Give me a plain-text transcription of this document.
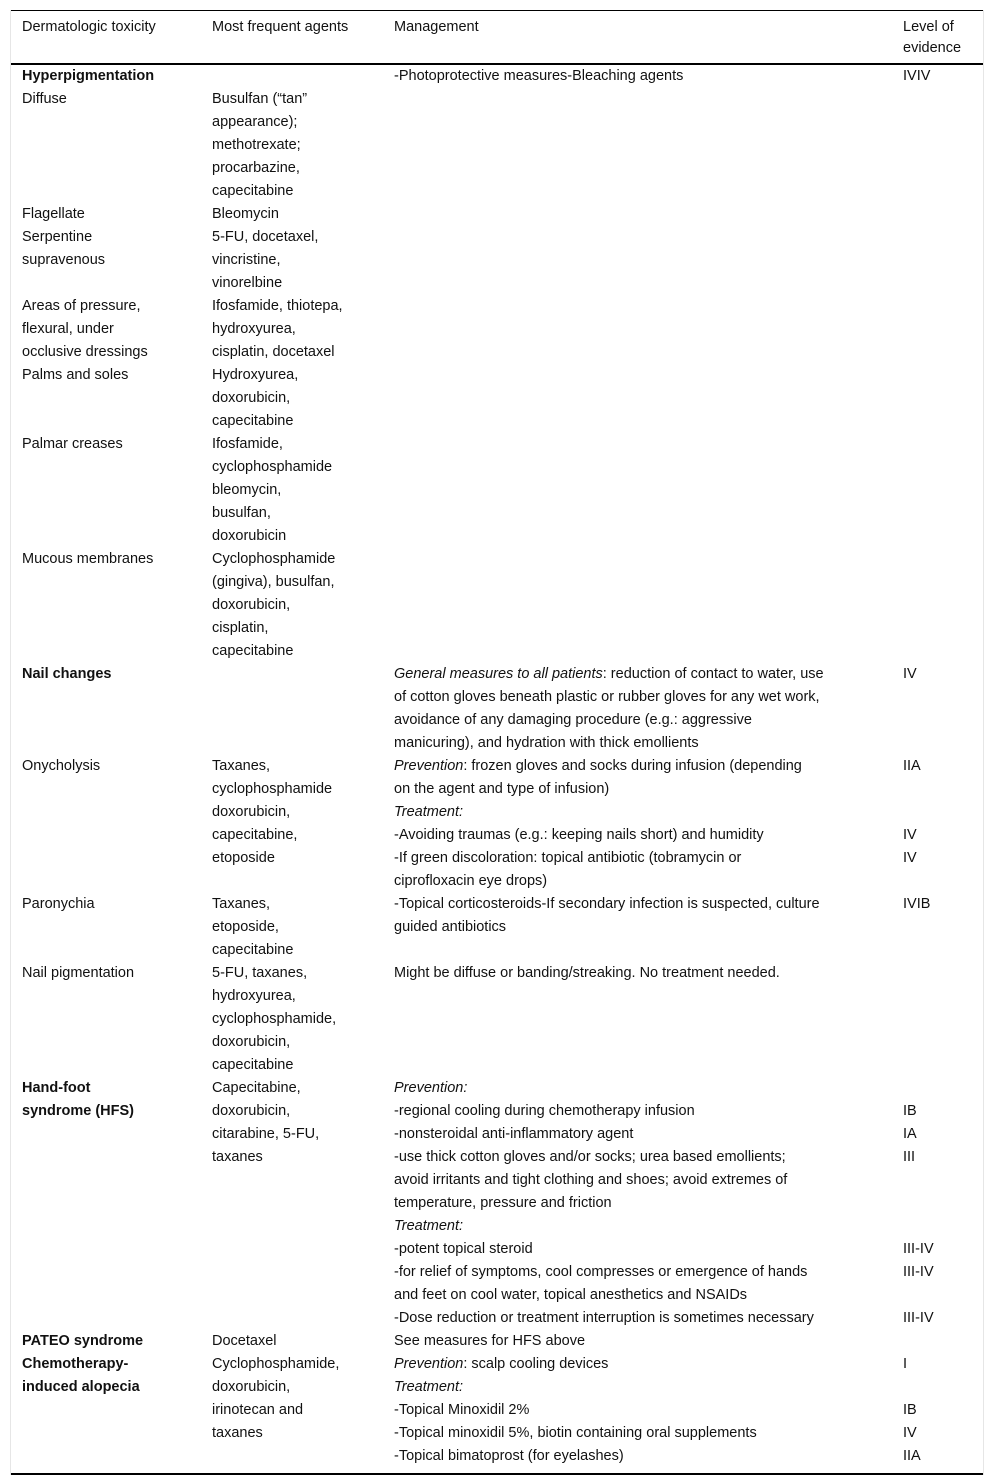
Dermatologic toxicity	Most frequent agents	Management	Level of evidence
Hyperpigmentation		-Photoprotective measures-Bleaching agents	IVIV
Diffuse	Busulfan (“tan”
appearance);
methotrexate;
procarbazine,
capecitabine		
Flagellate	Bleomycin		
Serpentine
supravenous	5-FU, docetaxel,
vincristine,
vinorelbine		
Areas of pressure,
flexural, under
occlusive dressings	Ifosfamide, thiotepa,
hydroxyurea,
cisplatin, docetaxel		
Palms and soles	Hydroxyurea,
doxorubicin,
capecitabine		
Palmar creases	Ifosfamide,
cyclophosphamide
bleomycin,
busulfan,
doxorubicin		
Mucous membranes	Cyclophosphamide
(gingiva), busulfan,
doxorubicin,
cisplatin,
capecitabine		
Nail changes		General measures to all patients: reduction of contact to water, use
of cotton gloves beneath plastic or rubber gloves for any wet work,
avoidance of any damaging procedure (e.g.: aggressive
manicuring), and hydration with thick emollients	IV
Onycholysis	Taxanes,
cyclophosphamide
doxorubicin,
capecitabine,
etoposide	Prevention: frozen gloves and socks during infusion (depending
on the agent and type of infusion)	IIA
		Treatment:	
		-Avoiding traumas (e.g.: keeping nails short) and humidity	IV
		-If green discoloration: topical antibiotic (tobramycin or
ciprofloxacin eye drops)	IV
Paronychia	Taxanes,
etoposide,
capecitabine	-Topical corticosteroids-If secondary infection is suspected, culture
guided antibiotics	IVIB
Nail pigmentation	5-FU, taxanes,
hydroxyurea,
cyclophosphamide,
doxorubicin,
capecitabine	Might be diffuse or banding/streaking. No treatment needed.	
Hand-foot
syndrome (HFS)	Capecitabine,
doxorubicin,
citarabine, 5-FU,
taxanes	Prevention:	
		-regional cooling during chemotherapy infusion	IB
		-nonsteroidal anti-inflammatory agent	IA
		-use thick cotton gloves and/or socks; urea based emollients;
avoid irritants and tight clothing and shoes; avoid extremes of
temperature, pressure and friction	III
		Treatment:	
		-potent topical steroid	III-IV
		-for relief of symptoms, cool compresses or emergence of hands
and feet on cool water, topical anesthetics and NSAIDs	III-IV
		-Dose reduction or treatment interruption is sometimes necessary	III-IV
PATEO syndrome	Docetaxel	See measures for HFS above	
Chemotherapy-
induced alopecia	Cyclophosphamide,
doxorubicin,
irinotecan and
taxanes	Prevention: scalp cooling devices	I
		Treatment:	
		-Topical Minoxidil 2%	IB
		-Topical minoxidil 5%, biotin containing oral supplements	IV
		-Topical bimatoprost (for eyelashes)	IIA
